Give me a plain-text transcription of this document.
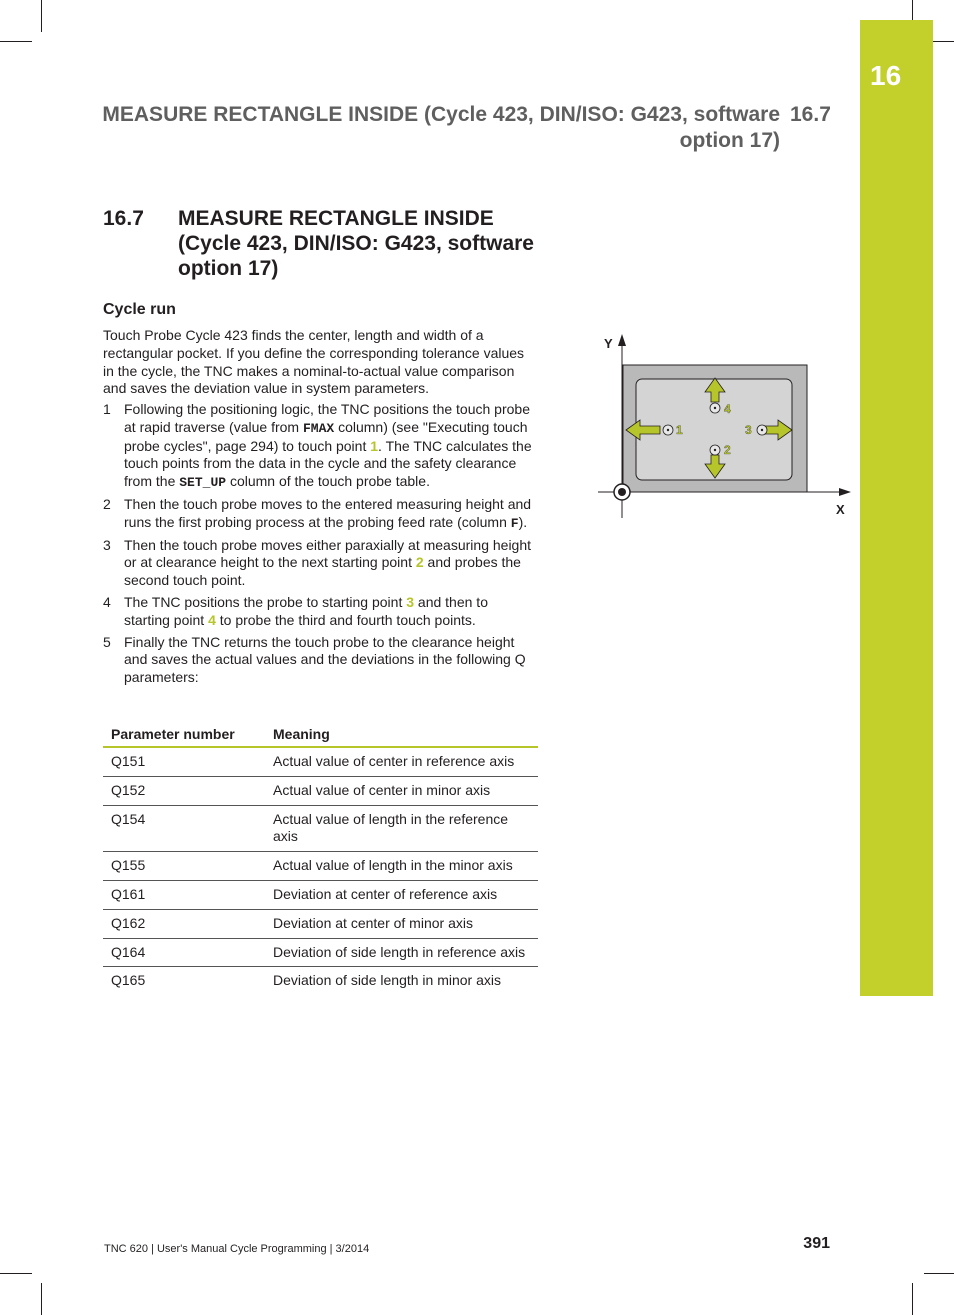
16
MEASURE RECTANGLE INSIDE (Cycle 423, DIN/ISO: G423, software option 17)
16.7
16.7 MEASURE RECTANGLE INSIDE (Cycle 423, DIN/ISO: G423, software option 17)
Cycle run
Touch Probe Cycle 423 finds the center, length and width of a rectangular pocket. If you define the corresponding tolerance values in the cycle, the TNC makes a nominal-to-actual value comparison and saves the deviation value in system parameters.
1 Following the positioning logic, the TNC positions the touch probe at rapid traverse (value from FMAX column) (see "Executing touch probe cycles", page 294) to touch point 1. The TNC calculates the touch points from the data in the cycle and the safety clearance from the SET_UP column of the touch probe table.
2 Then the touch probe moves to the entered measuring height and runs the first probing process at the probing feed rate (column F).
3 Then the touch probe moves either paraxially at measuring height or at clearance height to the next starting point 2 and probes the second touch point.
4 The TNC positions the probe to starting point 3 and then to starting point 4 to probe the third and fourth touch points.
5 Finally the TNC returns the touch probe to the clearance height and saves the actual values and the deviations in the following Q parameters:
Parameter number	Meaning
Q151	Actual value of center in reference axis
Q152	Actual value of center in minor axis
Q154	Actual value of length in the reference axis
Q155	Actual value of length in the minor axis
Q161	Deviation at center of reference axis
Q162	Deviation at center of minor axis
Q164	Deviation of side length in reference axis
Q165	Deviation of side length in minor axis
Y
X
4
2
1	3
TNC 620 | User's Manual Cycle Programming | 3/2014	391
